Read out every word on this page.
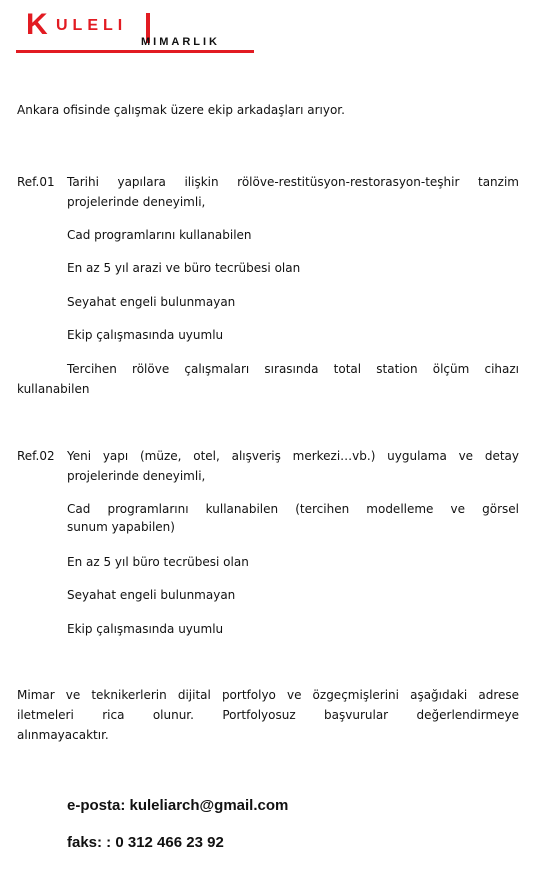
K ULELI
MIMARLIK

Ankara ofisinde çalışmak üzere ekip arkadaşları arıyor.

Ref.01 Tarihi yapılara ilişkin rölöve-restitüsyon-restorasyon-teşhir tanzim

projelerinde deneyimli,

Cad programlarını kullanabilen

En az 5 yıl arazi ve büro tecrübesi olan

Seyahat engeli bulunmayan

Ekip çalışmasında uyumlu

Tercihen rölöve çalışmaları sırasında total station ölçüm cihazı

kullanabilen

Ref.02 Yeni yapı (müze, otel, alışveriş merkezi…vb.) uygulama ve detay

projelerinde deneyimli,

Cad programlarını kullanabilen (tercihen modelleme ve görsel

sunum yapabilen)

En az 5 yıl büro tecrübesi olan

Seyahat engeli bulunmayan

Ekip çalışmasında uyumlu

Mimar ve teknikerlerin dijital portfolyo ve özgeçmişlerini aşağıdaki adrese

iletmeleri rica olunur. Portfolyosuz başvurular değerlendirmeye

alınmayacaktır.

e-posta: kuleliarch@gmail.com
faks: : 0 312 466 23 92
